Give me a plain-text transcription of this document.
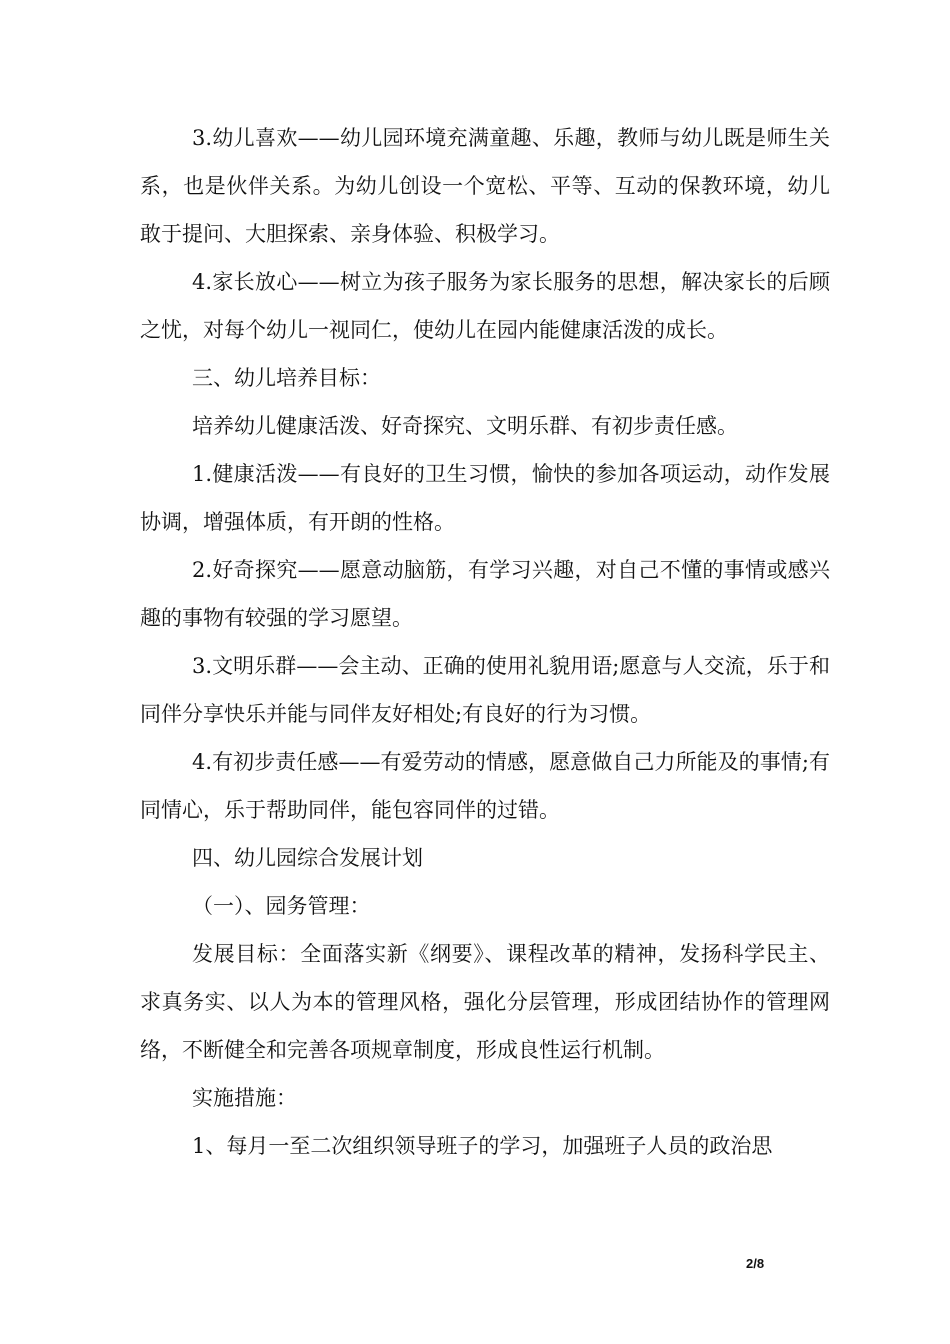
3.幼儿喜欢——幼儿园环境充满童趣、乐趣，教师与幼儿既是师生关系，也是伙伴关系。为幼儿创设一个宽松、平等、互动的保教环境，幼儿敢于提问、大胆探索、亲身体验、积极学习。

4.家长放心——树立为孩子服务为家长服务的思想，解决家长的后顾之忧，对每个幼儿一视同仁，使幼儿在园内能健康活泼的成长。

三、幼儿培养目标：

培养幼儿健康活泼、好奇探究、文明乐群、有初步责任感。

1.健康活泼——有良好的卫生习惯，愉快的参加各项运动，动作发展协调，增强体质，有开朗的性格。

2.好奇探究——愿意动脑筋，有学习兴趣，对自己不懂的事情或感兴趣的事物有较强的学习愿望。

3.文明乐群——会主动、正确的使用礼貌用语;愿意与人交流，乐于和同伴分享快乐并能与同伴友好相处;有良好的行为习惯。

4.有初步责任感——有爱劳动的情感，愿意做自己力所能及的事情;有同情心，乐于帮助同伴，能包容同伴的过错。

四、幼儿园综合发展计划

（一）、园务管理：

发展目标：全面落实新《纲要》、课程改革的精神，发扬科学民主、求真务实、以人为本的管理风格，强化分层管理，形成团结协作的管理网络，不断健全和完善各项规章制度，形成良性运行机制。

实施措施：

1、每月一至二次组织领导班子的学习，加强班子人员的政治思

2/8
